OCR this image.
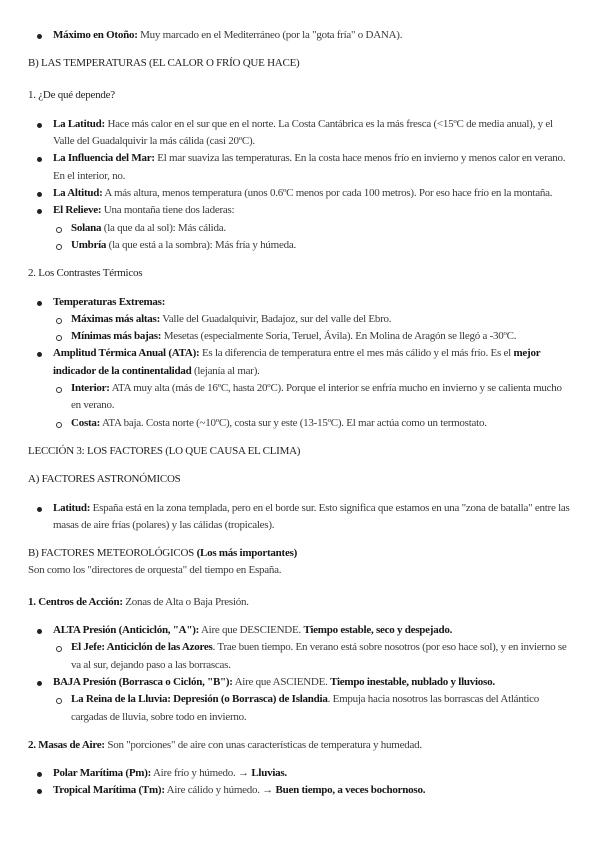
Máximo en Otoño: Muy marcado en el Mediterráneo (por la "gota fría" o DANA).

B) LAS TEMPERATURAS (EL CALOR O FRÍO QUE HACE)

1. ¿De qué depende?

La Latitud: Hace más calor en el sur que en el norte. La Costa Cantábrica es la más fresca (<15ºC de media anual), y el Valle del Guadalquivir la más cálida (casi 20ºC).
La Influencia del Mar: El mar suaviza las temperaturas. En la costa hace menos frío en invierno y menos calor en verano. En el interior, no.
La Altitud: A más altura, menos temperatura (unos 0.6ºC menos por cada 100 metros). Por eso hace frío en la montaña.
El Relieve: Una montaña tiene dos laderas:
Solana (la que da al sol): Más cálida.
Umbría (la que está a la sombra): Más fría y húmeda.

2. Los Contrastes Térmicos

Temperaturas Extremas:
Máximas más altas: Valle del Guadalquivir, Badajoz, sur del valle del Ebro.
Mínimas más bajas: Mesetas (especialmente Soria, Teruel, Ávila). En Molina de Aragón se llegó a -30ºC.
Amplitud Térmica Anual (ATA): Es la diferencia de temperatura entre el mes más cálido y el más frío. Es el mejor indicador de la continentalidad (lejanía al mar).
Interior: ATA muy alta (más de 16ºC, hasta 20ºC). Porque el interior se enfría mucho en invierno y se calienta mucho en verano.
Costa: ATA baja. Costa norte (~10ºC), costa sur y este (13-15ºC). El mar actúa como un termostato.

LECCIÓN 3: LOS FACTORES (LO QUE CAUSA EL CLIMA)

A) FACTORES ASTRONÓMICOS

Latitud: España está en la zona templada, pero en el borde sur. Esto significa que estamos en una "zona de batalla" entre las masas de aire frías (polares) y las cálidas (tropicales).

B) FACTORES METEOROLÓGICOS (Los más importantes)

Son como los "directores de orquesta" del tiempo en España.

1. Centros de Acción: Zonas de Alta o Baja Presión.

ALTA Presión (Anticiclón, "A"): Aire que DESCIENDE. Tiempo estable, seco y despejado.
El Jefe: Anticiclón de las Azores. Trae buen tiempo. En verano está sobre nosotros (por eso hace sol), y en invierno se va al sur, dejando paso a las borrascas.
BAJA Presión (Borrasca o Ciclón, "B"): Aire que ASCIENDE. Tiempo inestable, nublado y lluvioso.
La Reina de la Lluvia: Depresión (o Borrasca) de Islandia. Empuja hacia nosotros las borrascas del Atlántico cargadas de lluvia, sobre todo en invierno.

2. Masas de Aire: Son "porciones" de aire con unas características de temperatura y humedad.

Polar Marítima (Pm): Aire frío y húmedo. → Lluvias.
Tropical Marítima (Tm): Aire cálido y húmedo. → Buen tiempo, a veces bochornoso.
